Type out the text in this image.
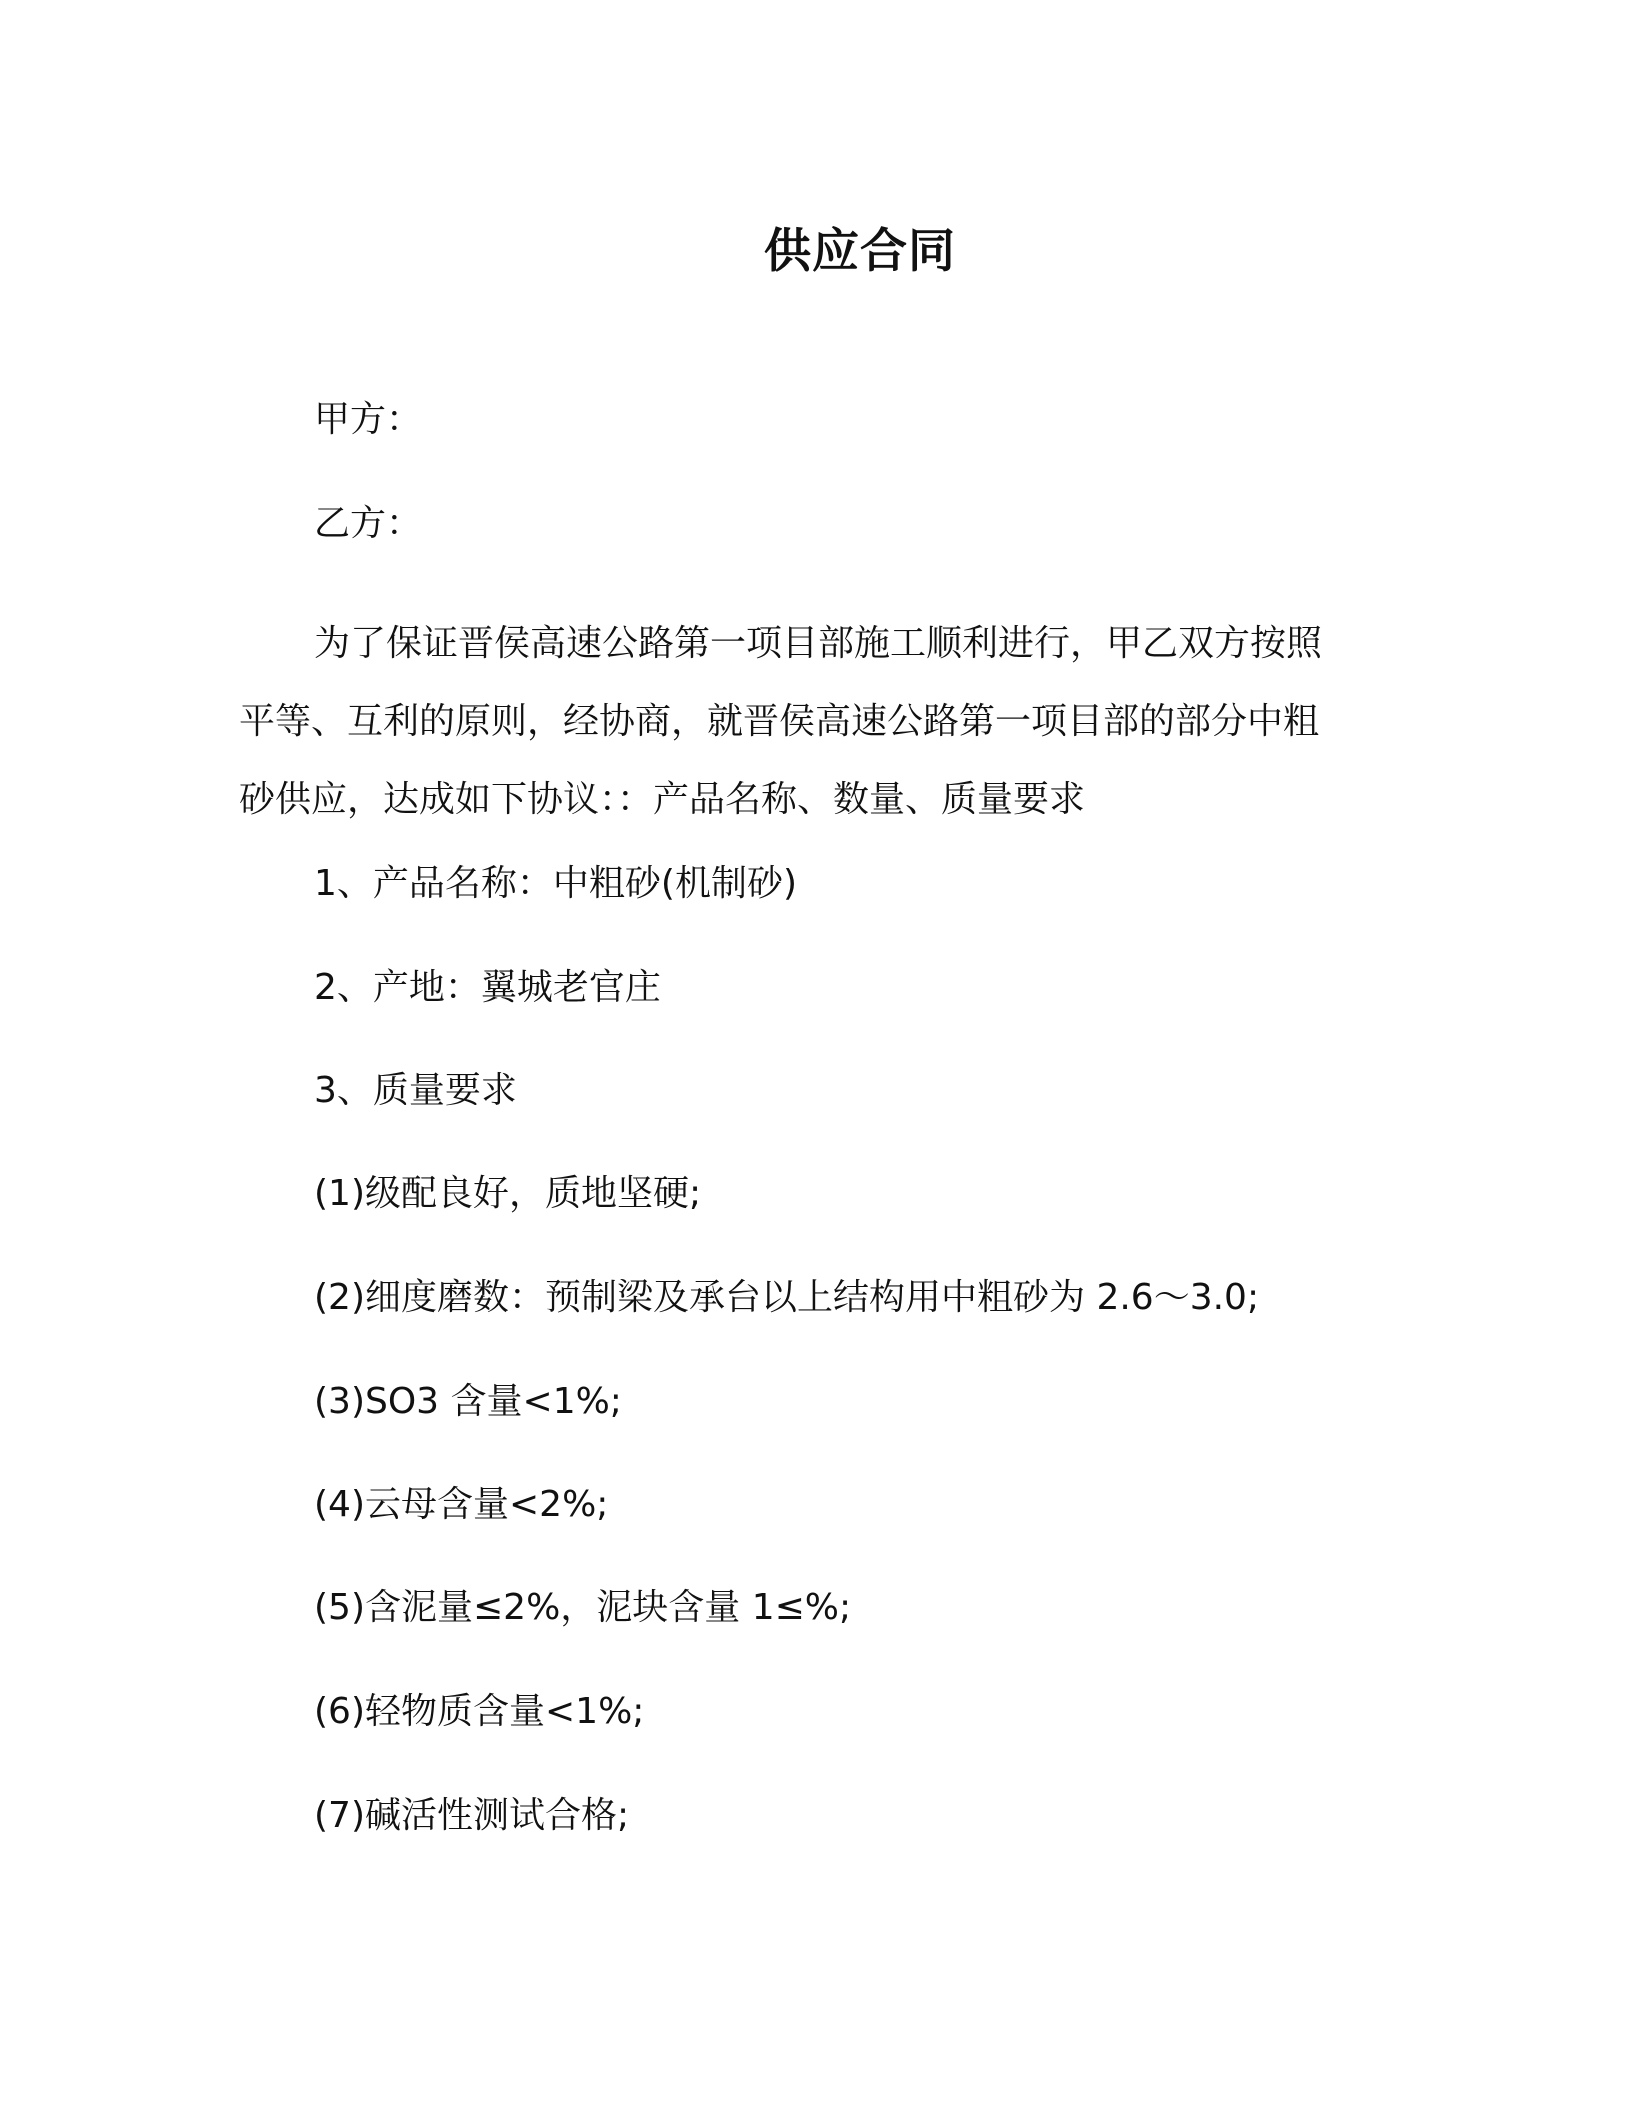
供应合同
甲方：
乙方：
为了保证晋侯高速公路第一项目部施工顺利进行，甲乙双方按照
平等、互利的原则，经协商，就晋侯高速公路第一项目部的部分中粗
砂供应，达成如下协议：：产品名称、数量、质量要求
1、产品名称：中粗砂(机制砂)
2、产地：翼城老官庄
3、质量要求
(1)级配良好，质地坚硬;
(2)细度磨数：预制梁及承台以上结构用中粗砂为 2.6～3.0;
(3)SO3 含量<1%;
(4)云母含量<2%;
(5)含泥量≤2%，泥块含量 1≤%;
(6)轻物质含量<1%;
(7)碱活性测试合格;
